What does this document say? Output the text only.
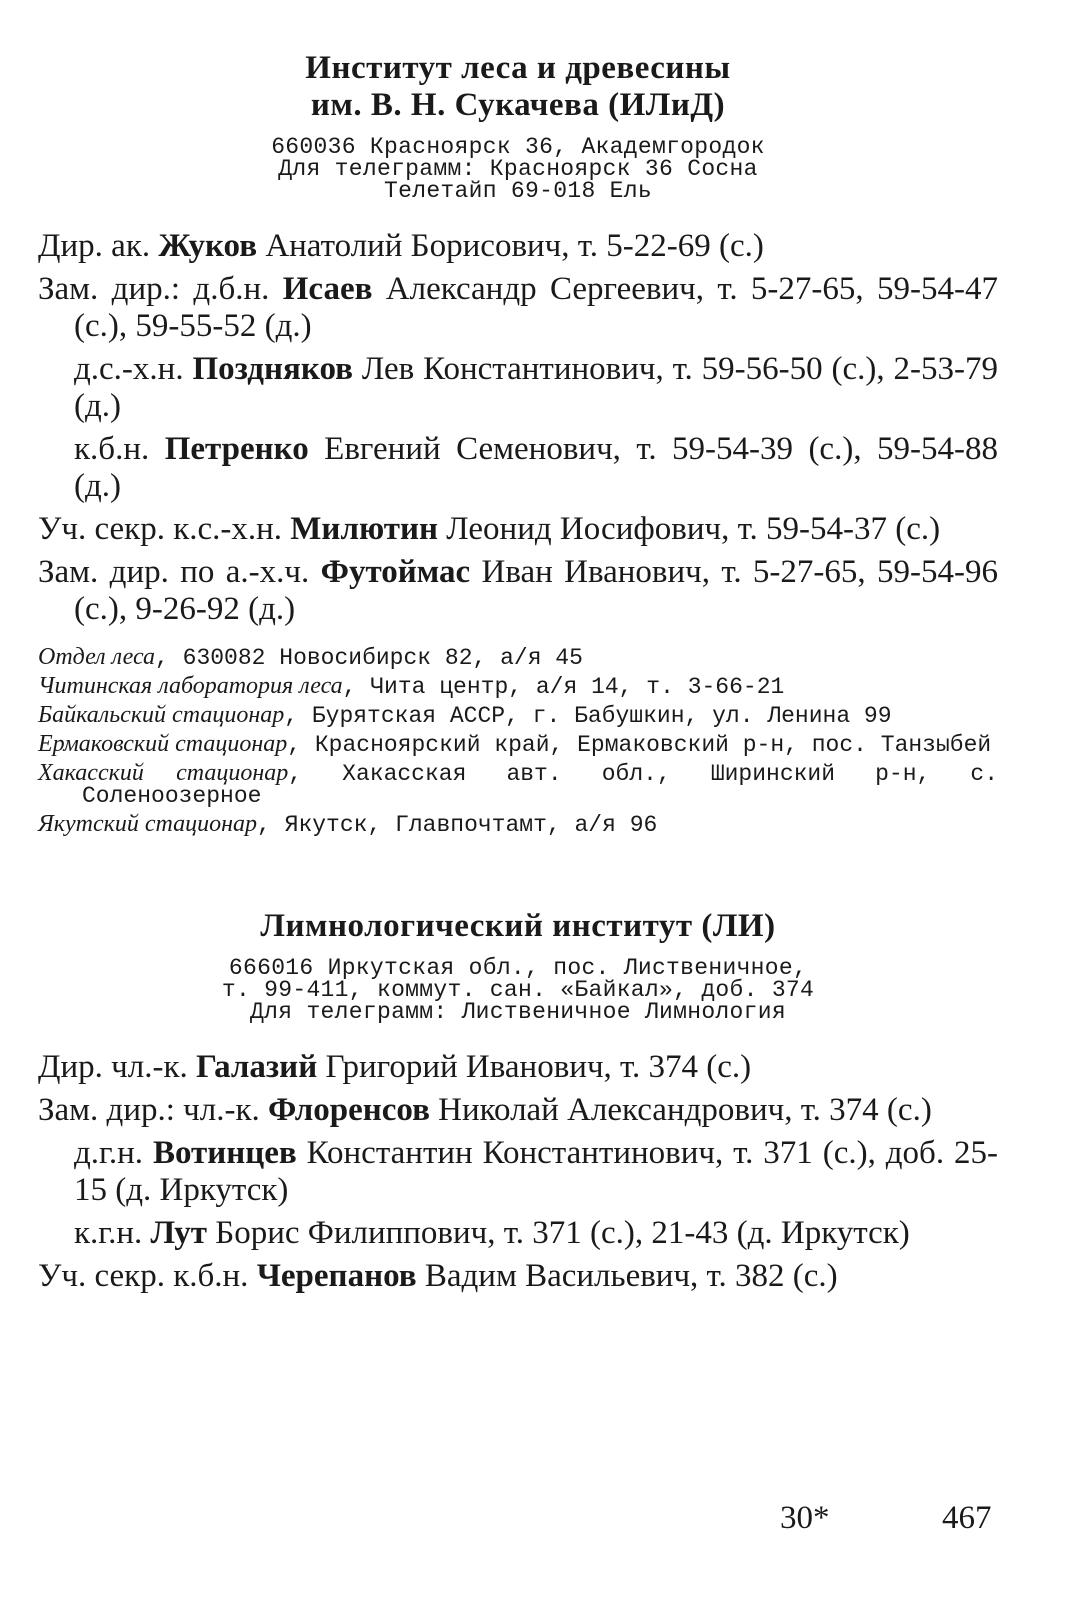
Институт леса и древесины
им. В. Н. Сукачева (ИЛиД)
660036 Красноярск 36, Академгородок
Для телеграмм: Красноярск 36 Сосна
Телетайп 69-018 Ель

Дир. ак. Жуков Анатолий Борисович, т. 5-22-69 (с.)

Зам. дир.: д.б.н. Исаев Александр Сергеевич, т. 5-27-65, 59-54-47 (с.), 59-55-52 (д.)

д.с.-х.н. Поздняков Лев Константинович, т. 59-56-50 (с.), 2-53-79 (д.)

к.б.н. Петренко Евгений Семенович, т. 59-54-39 (с.), 59-54-88 (д.)

Уч. секр. к.с.-х.н. Милютин Леонид Иосифович, т. 59-54-37 (с.)

Зам. дир. по а.-х.ч. Футоймас Иван Иванович, т. 5-27-65, 59-54-96 (с.), 9-26-92 (д.)

Отдел леса, 630082 Новосибирск 82, а/я 45

Читинская лаборатория леса, Чита центр, а/я 14, т. 3-66-21

Байкальский стационар, Бурятская АССР, г. Бабушкин, ул. Ленина 99

Ермаковский стационар, Красноярский край, Ермаковский р-н, пос. Танзыбей

Хакасский стационар, Хакасская авт. обл., Ширинский р-н, с. Соленоозерное

Якутский стационар, Якутск, Главпочтамт, а/я 96

Лимнологический институт (ЛИ)
666016 Иркутская обл., пос. Лиственичное,
т. 99-411, коммут. сан. «Байкал», доб. 374
Для телеграмм: Лиственичное Лимнология

Дир. чл.-к. Галазий Григорий Иванович, т. 374 (с.)

Зам. дир.: чл.-к. Флоренсов Николай Александрович, т. 374 (с.)

д.г.н. Вотинцев Константин Константинович, т. 371 (с.), доб. 25-15 (д. Иркутск)

к.г.н. Лут Борис Филиппович, т. 371 (с.), 21-43 (д. Иркутск)

Уч. секр. к.б.н. Черепанов Вадим Васильевич, т. 382 (с.)

30*	467
